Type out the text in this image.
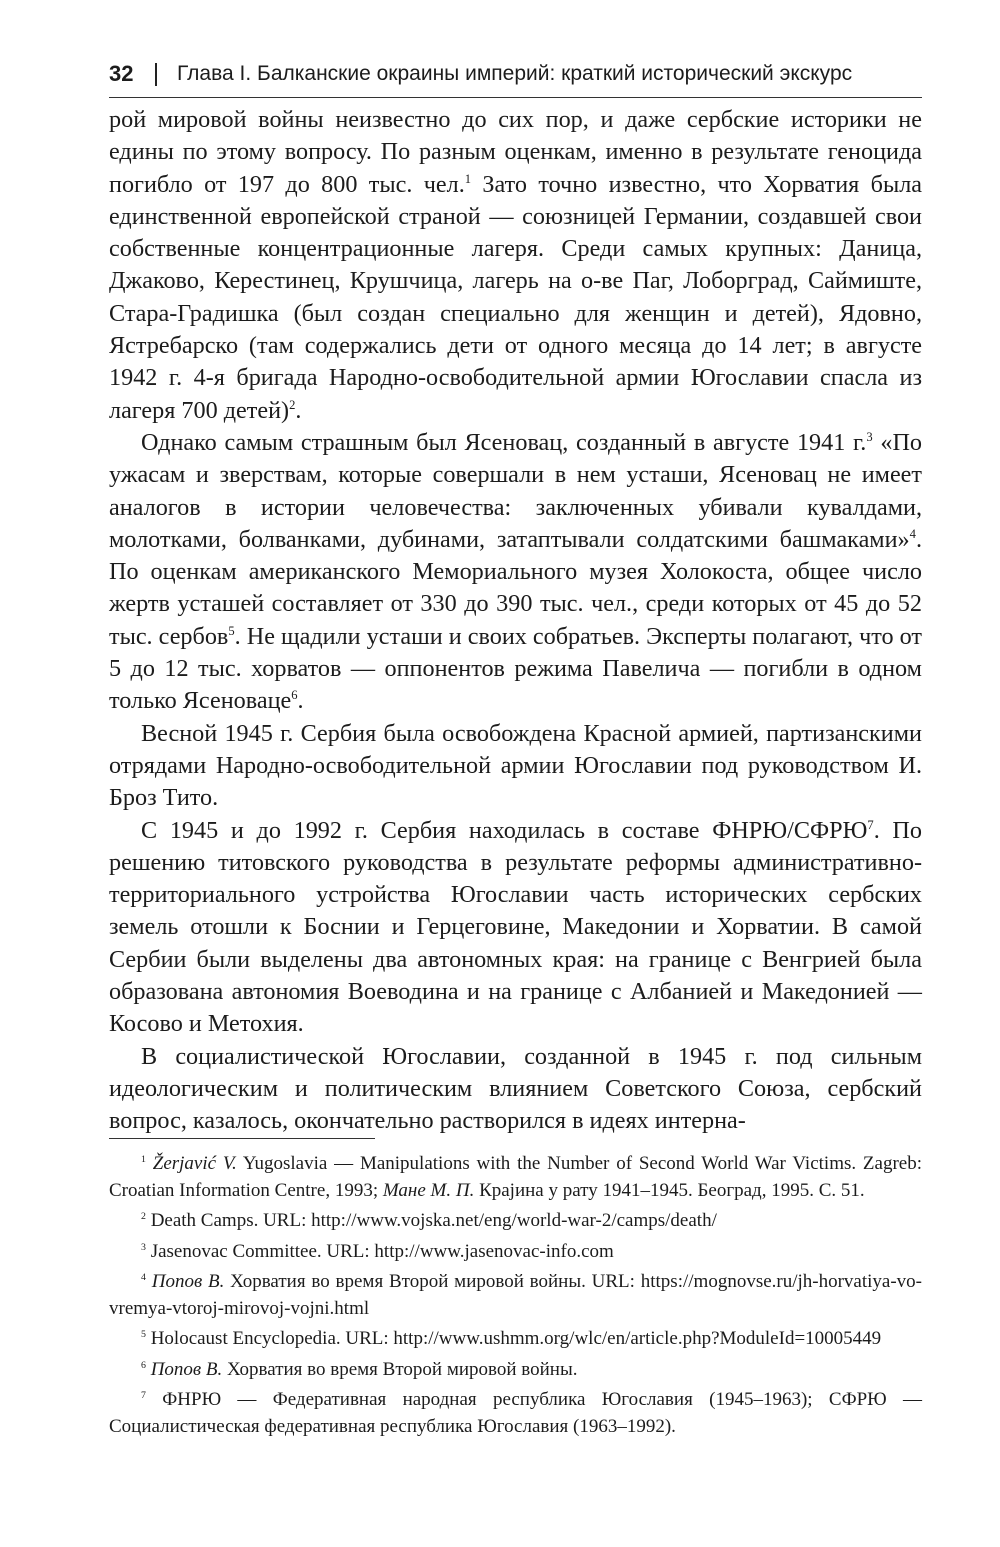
32 Глава I. Балканские окраины империй: краткий исторический экскурс

рой мировой войны неизвестно до сих пор, и даже сербские историки не едины по этому вопросу. По разным оценкам, именно в результате геноцида погибло от 197 до 800 тыс. чел.$^1$ Зато точно известно, что Хорватия была единственной европейской страной — союзницей Германии, создавшей свои собственные концентрационные лагеря. Среди самых крупных: Даница, Джаково, Керестинец, Крушчица, лагерь на о-ве Паг, Лоборград, Саймиште, Стара-Градишка (был создан специально для женщин и детей), Ядовно, Ястребарско (там содержались дети от одного месяца до 14 лет; в августе 1942 г. 4-я бригада Народно-освободительной армии Югославии спасла из лагеря 700 детей)$^2$.

Однако самым страшным был Ясеновац, созданный в августе 1941 г.$^3$ «По ужасам и зверствам, которые совершали в нем усташи, Ясеновац не имеет аналогов в истории человечества: заключенных убивали кувалдами, молотками, болванками, дубинами, затаптывали солдатскими башмаками»$^4$. По оценкам американского Мемориального музея Холокоста, общее число жертв усташей составляет от 330 до 390 тыс. чел., среди которых от 45 до 52 тыс. сербов$^5$. Не щадили усташи и своих собратьев. Эксперты полагают, что от 5 до 12 тыс. хорватов — оппонентов режима Павелича — погибли в одном только Ясеноваце$^6$.

Весной 1945 г. Сербия была освобождена Красной армией, партизанскими отрядами Народно-освободительной армии Югославии под руководством И. Броз Тито.

С 1945 и до 1992 г. Сербия находилась в составе ФНРЮ/СФРЮ$^7$. По решению титовского руководства в результате реформы административно-территориального устройства Югославии часть исторических сербских земель отошли к Боснии и Герцеговине, Македонии и Хорватии. В самой Сербии были выделены два автономных края: на границе с Венгрией была образована автономия Воеводина и на границе с Албанией и Македонией — Косово и Метохия.

В социалистической Югославии, созданной в 1945 г. под сильным идеологическим и политическим влиянием Советского Союза, сербский вопрос, казалось, окончательно растворился в идеях интерна-

$^1$ Žerjavić V. Yugoslavia — Manipulations with the Number of Second World War Victims. Zagreb: Croatian Information Centre, 1993; Мане М. П. Крајина у рату 1941–1945. Београд, 1995. С. 51.

$^2$ Death Camps. URL: http://www.vojska.net/eng/world-war-2/camps/death/

$^3$ Jasenovac Committee. URL: http://www.jasenovac-info.com

$^4$ Попов В. Хорватия во время Второй мировой войны. URL: https://mognovse.ru/jh-horvatiya-vo-vremya-vtoroj-mirovoj-vojni.html

$^5$ Holocaust Encyclopedia. URL: http://www.ushmm.org/wlc/en/article.php?ModuleId=10005449

$^6$ Попов В. Хорватия во время Второй мировой войны.

$^7$ ФНРЮ — Федеративная народная республика Югославия (1945–1963); СФРЮ — Социалистическая федеративная республика Югославия (1963–1992).
